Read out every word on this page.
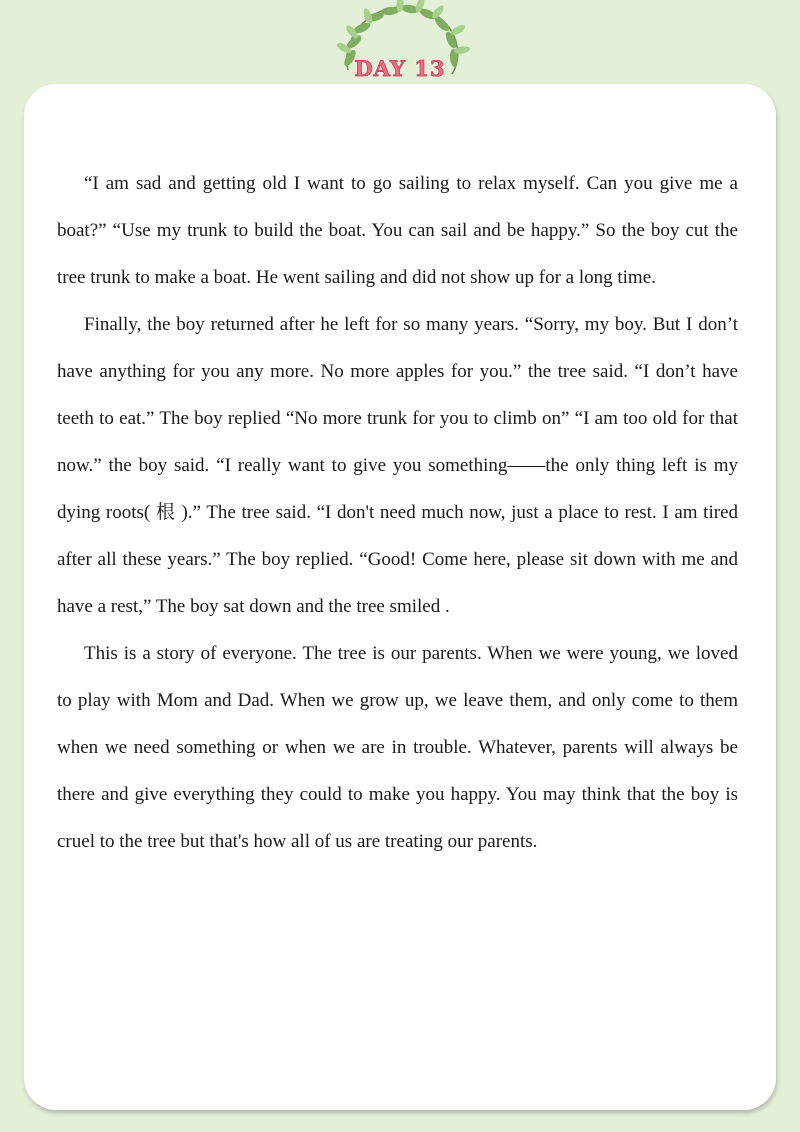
DAY 13

“I am sad and getting old I want to go sailing to relax myself. Can you give me a boat?” “Use my trunk to build the boat. You can sail and be happy.” So the boy cut the tree trunk to make a boat. He went sailing and did not show up for a long time.

Finally, the boy returned after he left for so many years. “Sorry, my boy. But I don’t have anything for you any more. No more apples for you.” the tree said. “I don’t have teeth to eat.” The boy replied “No more trunk for you to climb on” “I am too old for that now.” the boy said. “I really want to give you something——the only thing left is my dying roots( 根 ).” The tree said. “I don't need much now, just a place to rest. I am tired after all these years.” The boy replied. “Good! Come here, please sit down with me and have a rest,” The boy sat down and the tree smiled .

This is a story of everyone. The tree is our parents. When we were young, we loved to play with Mom and Dad. When we grow up, we leave them, and only come to them when we need something or when we are in trouble. Whatever, parents will always be there and give everything they could to make you happy. You may think that the boy is cruel to the tree but that's how all of us are treating our parents.
